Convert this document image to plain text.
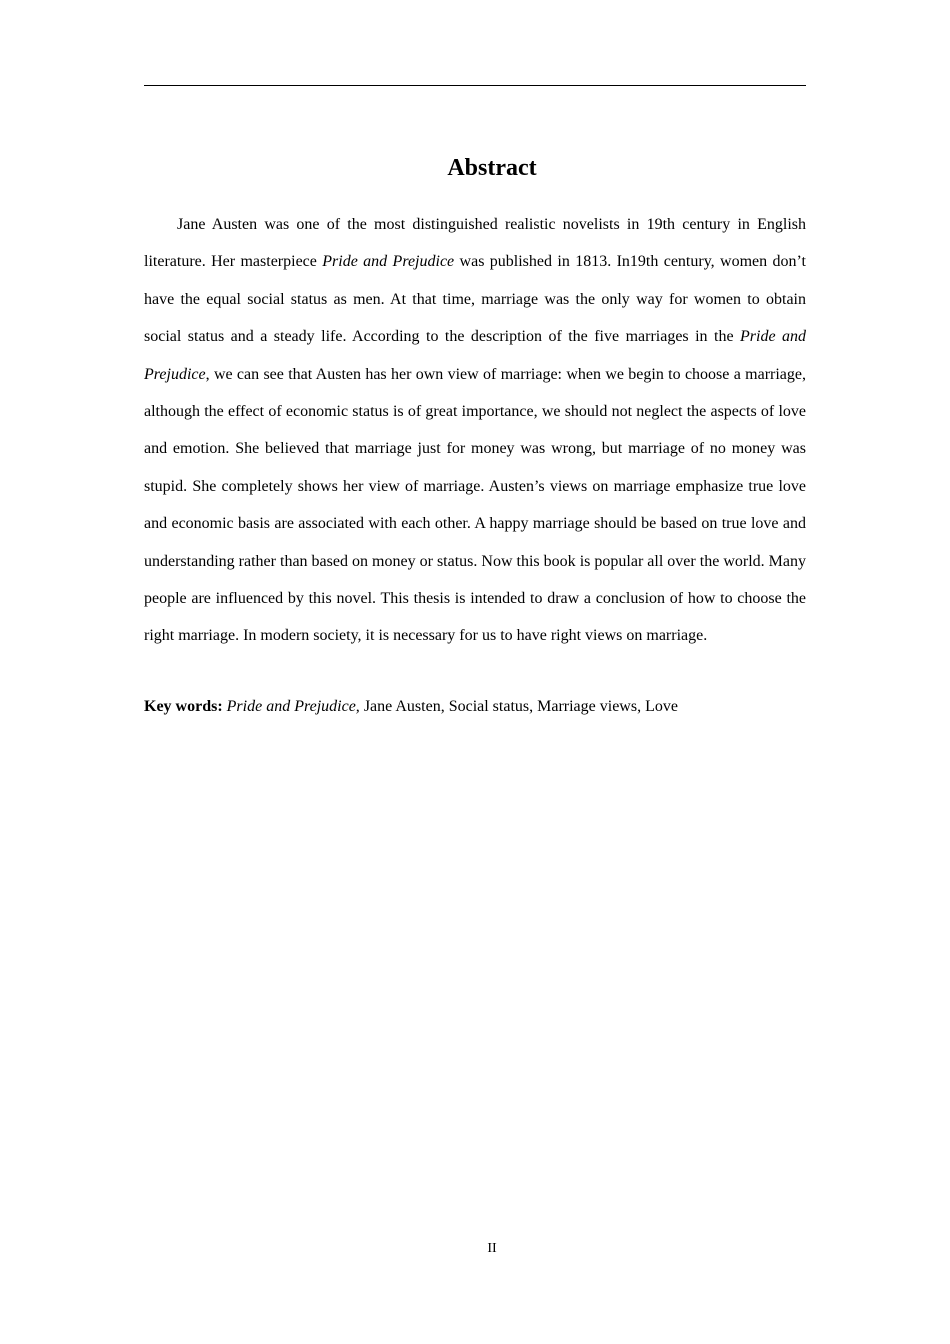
Abstract

Jane Austen was one of the most distinguished realistic novelists in 19th century in English literature. Her masterpiece Pride and Prejudice was published in 1813. In19th century, women don’t have the equal social status as men. At that time, marriage was the only way for women to obtain social status and a steady life. According to the description of the five marriages in the Pride and Prejudice, we can see that Austen has her own view of marriage: when we begin to choose a marriage, although the effect of economic status is of great importance, we should not neglect the aspects of love and emotion. She believed that marriage just for money was wrong, but marriage of no money was stupid. She completely shows her view of marriage. Austen’s views on marriage emphasize true love and economic basis are associated with each other. A happy marriage should be based on true love and understanding rather than based on money or status. Now this book is popular all over the world. Many people are influenced by this novel. This thesis is intended to draw a conclusion of how to choose the right marriage. In modern society, it is necessary for us to have right views on marriage.

Key words: Pride and Prejudice, Jane Austen, Social status, Marriage views, Love

II
